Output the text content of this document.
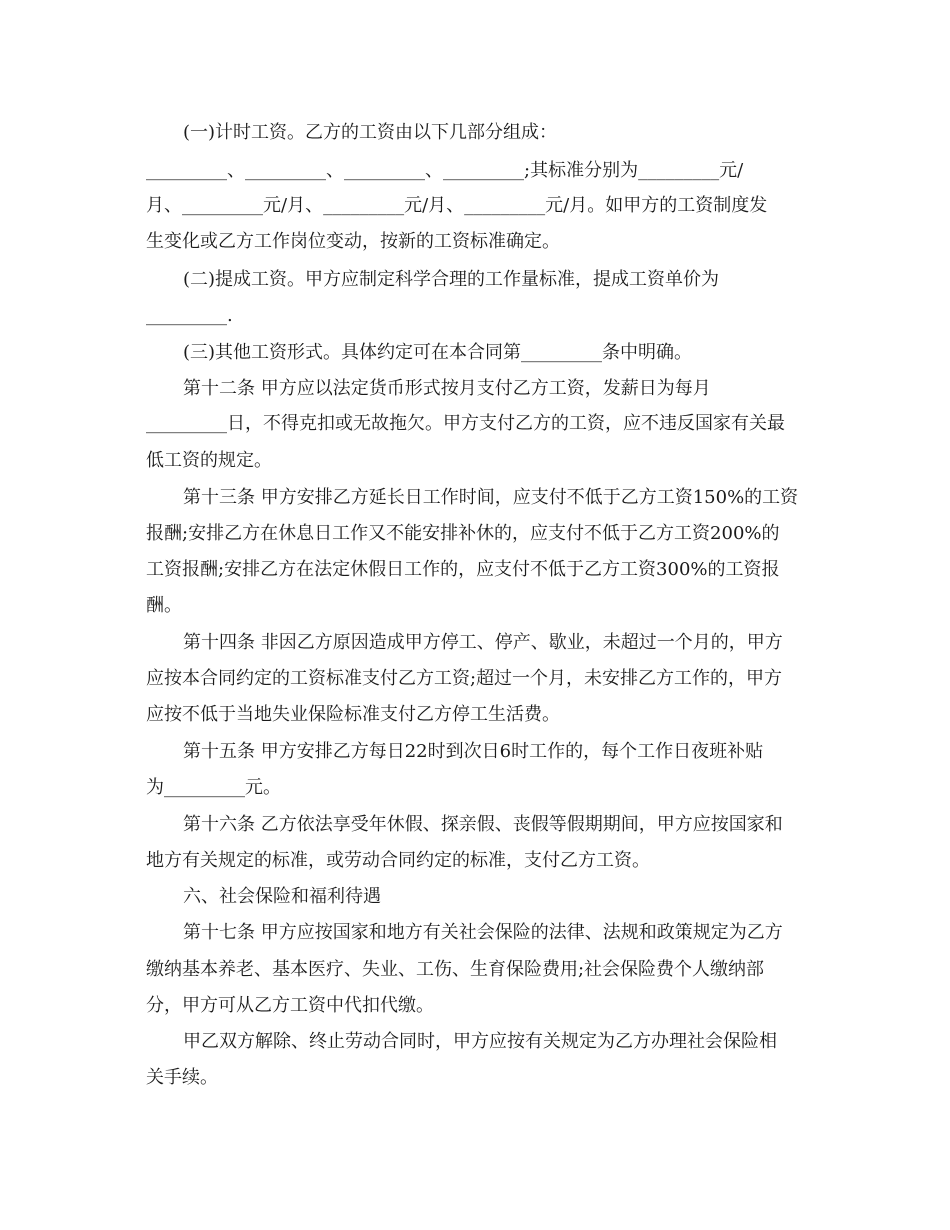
(一)计时工资。乙方的工资由以下几部分组成：
_________、_________、_________、_________;其标准分别为_________元/
月、_________元/月、_________元/月、_________元/月。如甲方的工资制度发
生变化或乙方工作岗位变动，按新的工资标准确定。
(二)提成工资。甲方应制定科学合理的工作量标准，提成工资单价为
_________.
(三)其他工资形式。具体约定可在本合同第_________条中明确。
第十二条 甲方应以法定货币形式按月支付乙方工资，发薪日为每月
_________日，不得克扣或无故拖欠。甲方支付乙方的工资，应不违反国家有关最
低工资的规定。
第十三条 甲方安排乙方延长日工作时间，应支付不低于乙方工资150%的工资
报酬;安排乙方在休息日工作又不能安排补休的，应支付不低于乙方工资200%的
工资报酬;安排乙方在法定休假日工作的，应支付不低于乙方工资300%的工资报
酬。
第十四条 非因乙方原因造成甲方停工、停产、歇业，未超过一个月的，甲方
应按本合同约定的工资标准支付乙方工资;超过一个月，未安排乙方工作的，甲方
应按不低于当地失业保险标准支付乙方停工生活费。
第十五条 甲方安排乙方每日22时到次日6时工作的，每个工作日夜班补贴
为_________元。
第十六条 乙方依法享受年休假、探亲假、丧假等假期期间，甲方应按国家和
地方有关规定的标准，或劳动合同约定的标准，支付乙方工资。
六、社会保险和福利待遇
第十七条 甲方应按国家和地方有关社会保险的法律、法规和政策规定为乙方
缴纳基本养老、基本医疗、失业、工伤、生育保险费用;社会保险费个人缴纳部
分，甲方可从乙方工资中代扣代缴。
甲乙双方解除、终止劳动合同时，甲方应按有关规定为乙方办理社会保险相
关手续。
